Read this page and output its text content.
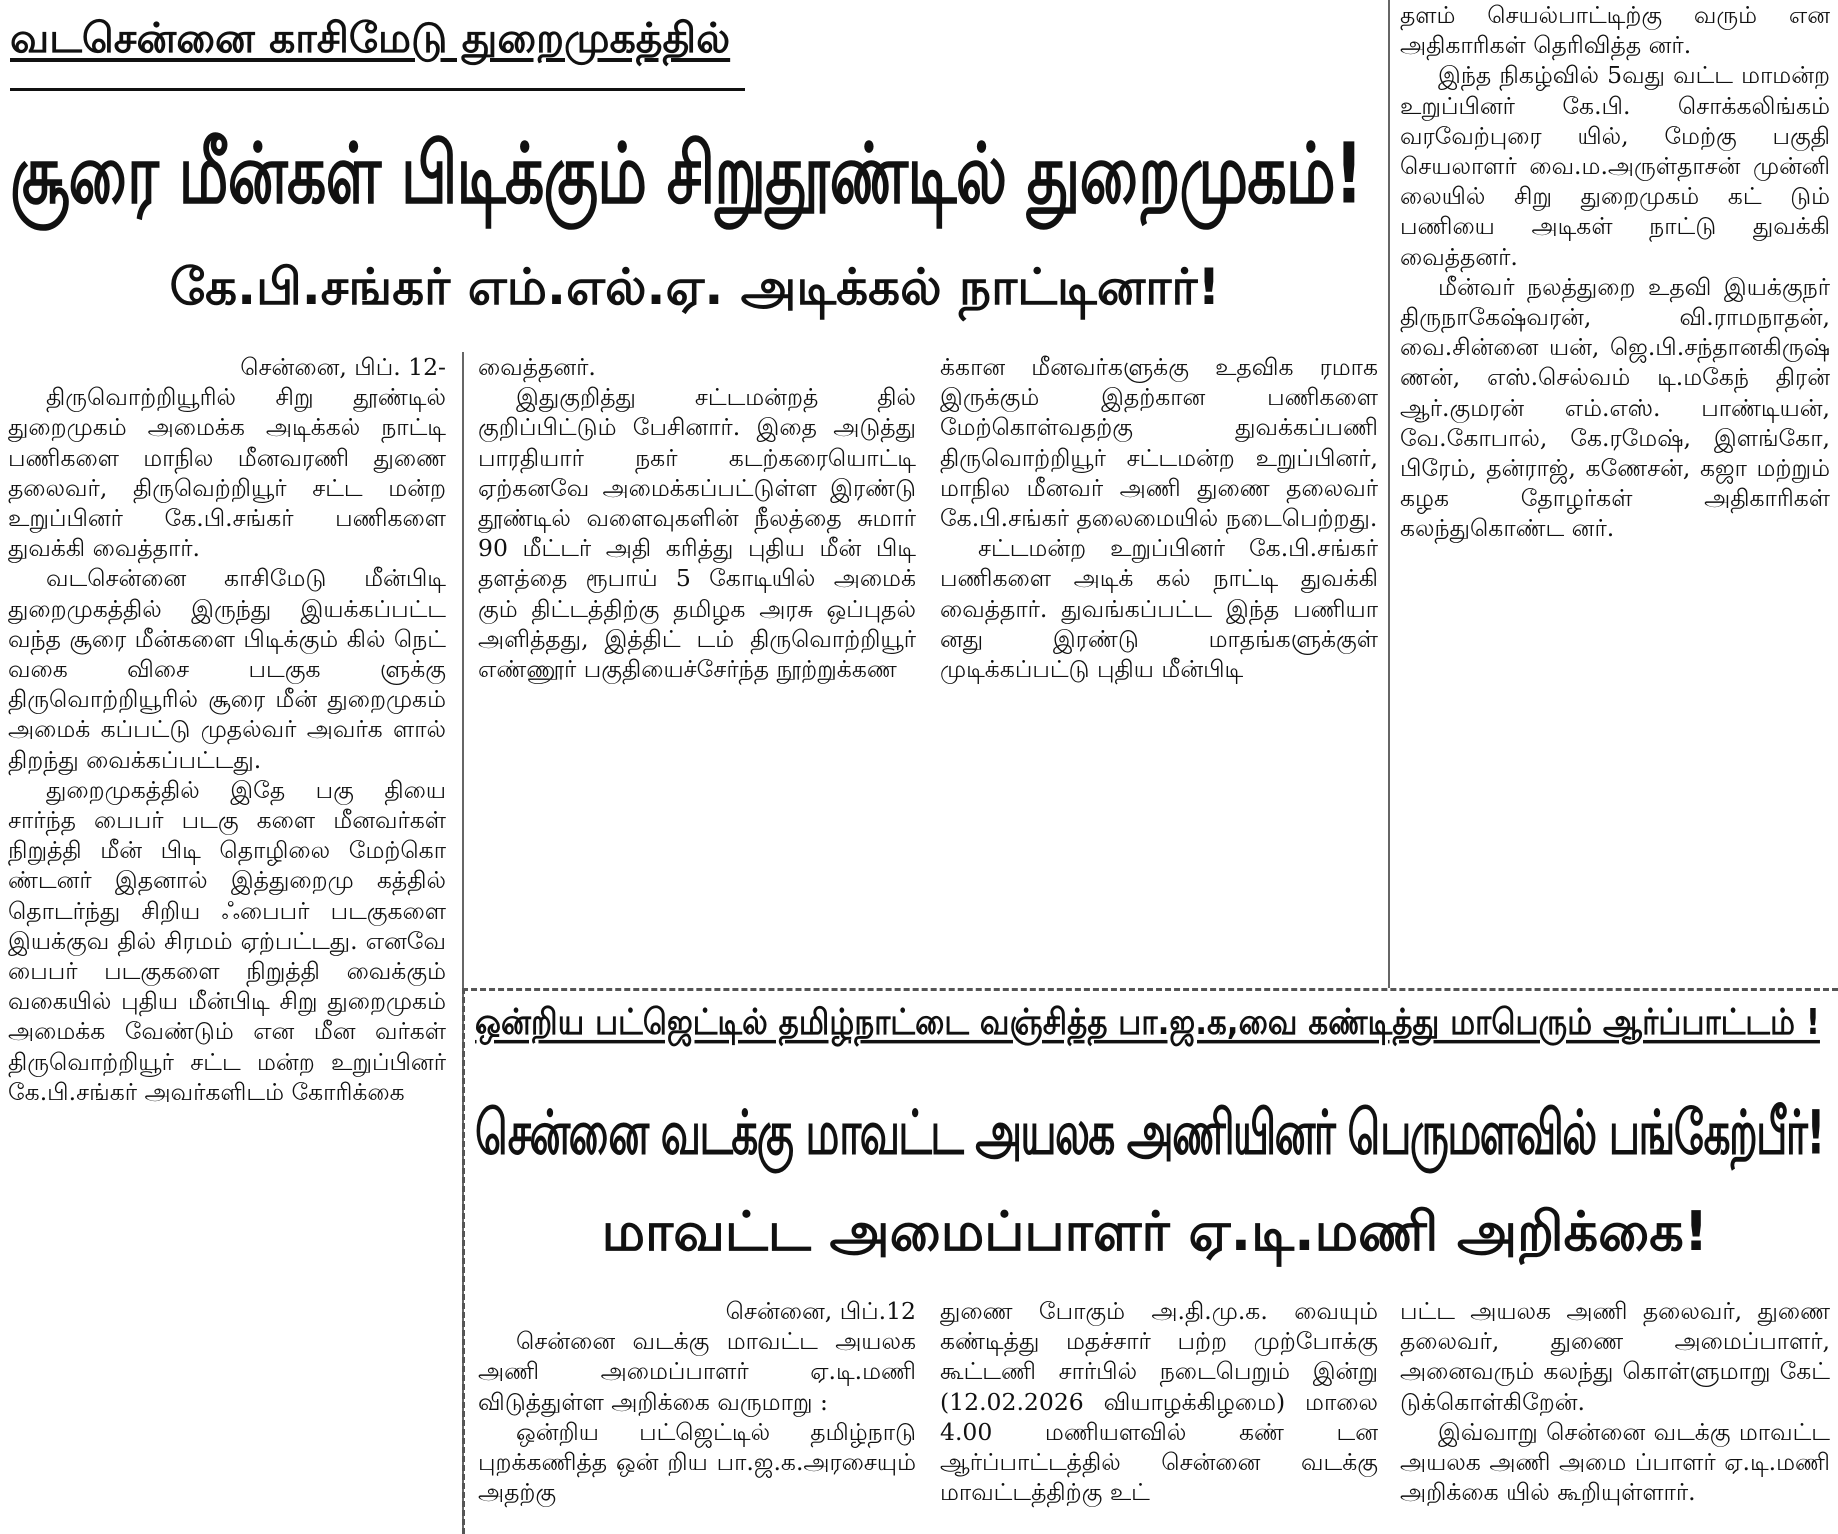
வடசென்னை காசிமேடு துறைமுகத்தில்
சூரை மீன்கள் பிடிக்கும் சிறுதூண்டில் துறைமுகம்!
கே.பி.சங்கர் எம்.எல்.ஏ. அடிக்கல் நாட்டினார்!

சென்னை, பிப். 12-

திருவொற்றியூரில் சிறு தூண்டில் துறைமுகம் அமைக்க அடிக்கல் நாட்டி பணிகளை மாநில மீனவரணி துணை தலைவர், திருவெற்றியூர் சட்ட மன்ற உறுப்பினர் கே.பி.சங்கர் பணிகளை துவக்கி வைத்தார்.

வடசென்னை காசிமேடு மீன்பிடி துறைமுகத்தில் இருந்து இயக்கப்பட்ட வந்த சூரை மீன்களை பிடிக்கும் கில் நெட் வகை விசை படகுக ளுக்கு திருவொற்றியூரில் சூரை மீன் துறைமுகம் அமைக் கப்பட்டு முதல்வர் அவர்க ளால் திறந்து வைக்கப்பட்டது.

துறைமுகத்தில் இதே பகு தியை சார்ந்த பைபர் படகு களை மீனவர்கள் நிறுத்தி மீன் பிடி தொழிலை மேற்கொ ண்டனர் இதனால் இத்துறைமு கத்தில் தொடர்ந்து சிறிய ஃபைபர் படகுகளை இயக்குவ தில் சிரமம் ஏற்பட்டது. எனவே பைபர் படகுகளை நிறுத்தி வைக்கும் வகையில் புதிய மீன்பிடி சிறு துறைமுகம் அமைக்க வேண்டும் என மீன வர்கள் திருவொற்றியூர் சட்ட மன்ற உறுப்பினர் கே.பி.சங்கர் அவர்களிடம் கோரிக்கை

வைத்தனர்.

இதுகுறித்து சட்டமன்றத் தில் குறிப்பிட்டும் பேசினார். இதை அடுத்து பாரதியார் நகர் கடற்கரையொட்டி ஏற்கனவே அமைக்கப்பட்டுள்ள இரண்டு தூண்டில் வளைவுகளின் நீலத்தை சுமார் 90 மீட்டர் அதி கரித்து புதிய மீன் பிடி தளத்தை ரூபாய் 5 கோடியில் அமைக் கும் திட்டத்திற்கு தமிழக அரசு ஒப்புதல் அளித்தது, இத்திட் டம் திருவொற்றியூர் எண்ணூர் பகுதியைச்சேர்ந்த நூற்றுக்கண

க்கான மீனவர்களுக்கு உதவிக ரமாக இருக்கும் இதற்கான பணிகளை மேற்கொள்வதற்கு துவக்கப்பணி திருவொற்றியூர் சட்டமன்ற உறுப்பினர், மாநில மீனவர் அணி துணை தலைவர் கே.பி.சங்கர் தலைமையில் நடைபெற்றது.

சட்டமன்ற உறுப்பினர் கே.பி.சங்கர் பணிகளை அடிக் கல் நாட்டி துவக்கி வைத்தார். துவங்கப்பட்ட இந்த பணியா னது இரண்டு மாதங்களுக்குள் முடிக்கப்பட்டு புதிய மீன்பிடி

தளம் செயல்பாட்டிற்கு வரும் என அதிகாரிகள் தெரிவித்த னர்.

இந்த நிகழ்வில் 5வது வட்ட மாமன்ற உறுப்பினர் கே.பி. சொக்கலிங்கம் வரவேற்புரை யில், மேற்கு பகுதி செயலாளர் வை.ம.அருள்தாசன் முன்னி லையில் சிறு துறைமுகம் கட் டும் பணியை அடிகள் நாட்டு துவக்கி வைத்தனர்.

மீன்வர் நலத்துறை உதவி இயக்குநர் திருநாகேஷ்வரன், வி.ராமநாதன், வை.சின்னை யன், ஜெ.பி.சந்தானகிருஷ் ணன், எஸ்.செல்வம் டி.மகேந் திரன் ஆர்.குமரன் எம்.எஸ். பாண்டியன், வே.கோபால், கே.ரமேஷ், இளங்கோ, பிரேம், தன்ராஜ், கணேசன், கஜா மற்றும் கழக தோழர்கள் அதிகாரிகள் கலந்துகொண்ட னர்.

ஒன்றிய பட்ஜெட்டில் தமிழ்நாட்டை வஞ்சித்த பா.ஜ.க,வை கண்டித்து மாபெரும் ஆர்ப்பாட்டம் !
சென்னை வடக்கு மாவட்ட அயலக அணியினர் பெருமளவில் பங்கேற்பீர்!
மாவட்ட அமைப்பாளர் ஏ.டி.மணி அறிக்கை!

சென்னை, பிப்.12

சென்னை வடக்கு மாவட்ட அயலக அணி அமைப்பாளர் ஏ.டி.மணி விடுத்துள்ள அறிக்கை வருமாறு :

ஒன்றிய பட்ஜெட்டில் தமிழ்நாடு புறக்கணித்த ஒன் றிய பா.ஜ.க.அரசையும் அதற்கு

துணை போகும் அ.தி.மு.க. வையும் கண்டித்து மதச்சார் பற்ற முற்போக்கு கூட்டணி சார்பில் நடைபெறும் இன்று (12.02.2026 வியாழக்கிழமை) மாலை 4.00 மணியளவில் கண் டன ஆர்ப்பாட்டத்தில் சென்னை வடக்கு மாவட்டத்திற்கு உட்

பட்ட அயலக அணி தலைவர், துணை தலைவர், துணை அமைப்பாளர், அனைவரும் கலந்து கொள்ளுமாறு கேட் டுக்கொள்கிறேன்.

இவ்வாறு சென்னை வடக்கு மாவட்ட அயலக அணி அமை ப்பாளர் ஏ.டி.மணி அறிக்கை யில் கூறியுள்ளார்.
